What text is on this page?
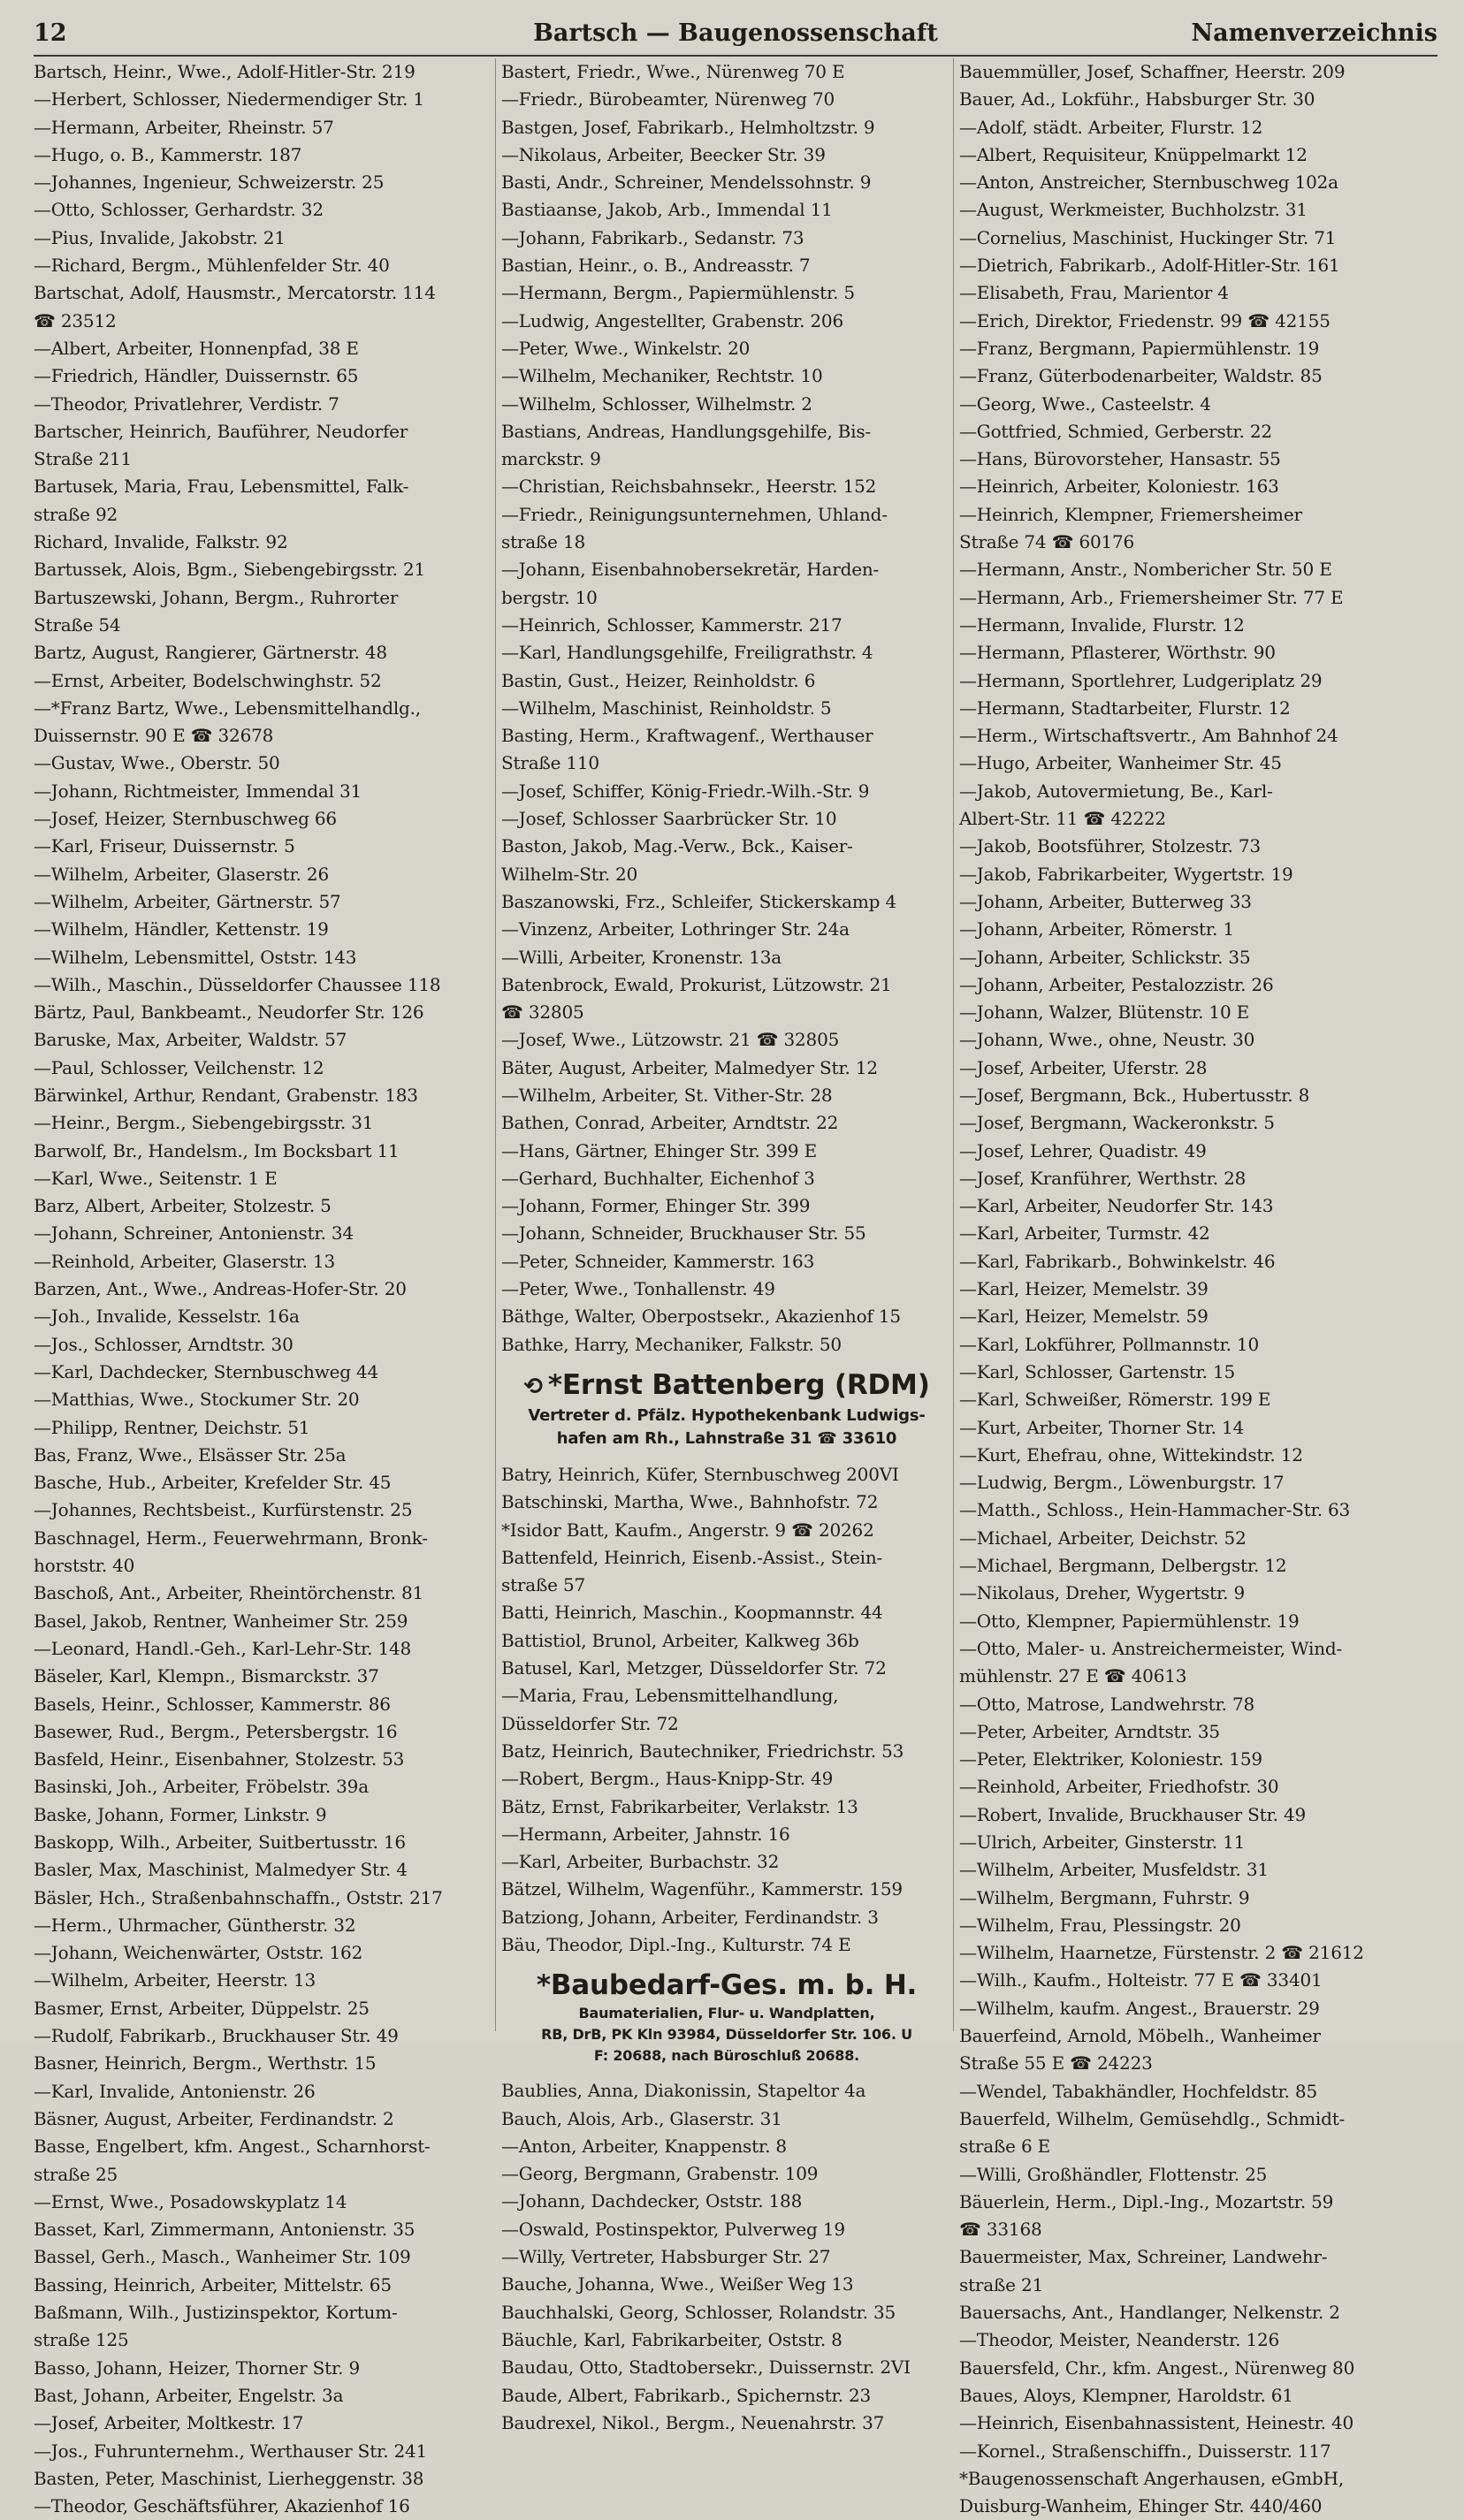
12	Bartsch — Baugenossenschaft	Namenverzeichnis
Bartsch, Heinr., Wwe., Adolf-Hitler-Str. 219
—Herbert, Schlosser, Niedermendiger Str. 1
—Hermann, Arbeiter, Rheinstr. 57
—Hugo, o. B., Kammerstr. 187
—Johannes, Ingenieur, Schweizerstr. 25
—Otto, Schlosser, Gerhardstr. 32
—Pius, Invalide, Jakobstr. 21
—Richard, Bergm., Mühlenfelder Str. 40
Bartschat, Adolf, Hausmstr., Mercatorstr. 114
☎ 23512
—Albert, Arbeiter, Honnenpfad, 38 E
—Friedrich, Händler, Duissernstr. 65
—Theodor, Privatlehrer, Verdistr. 7
Bartscher, Heinrich, Bauführer, Neudorfer
Straße 211
Bartusek, Maria, Frau, Lebensmittel, Falk-
straße 92
Richard, Invalide, Falkstr. 92
Bartussek, Alois, Bgm., Siebengebirgsstr. 21
Bartuszewski, Johann, Bergm., Ruhrorter
Straße 54
Bartz, August, Rangierer, Gärtnerstr. 48
—Ernst, Arbeiter, Bodelschwinghstr. 52
—*Franz Bartz, Wwe., Lebensmittelhandlg.,
Duissernstr. 90 E ☎ 32678
—Gustav, Wwe., Oberstr. 50
—Johann, Richtmeister, Immendal 31
—Josef, Heizer, Sternbuschweg 66
—Karl, Friseur, Duissernstr. 5
—Wilhelm, Arbeiter, Glaserstr. 26
—Wilhelm, Arbeiter, Gärtnerstr. 57
—Wilhelm, Händler, Kettenstr. 19
—Wilhelm, Lebensmittel, Oststr. 143
—Wilh., Maschin., Düsseldorfer Chaussee 118
Bärtz, Paul, Bankbeamt., Neudorfer Str. 126
Baruske, Max, Arbeiter, Waldstr. 57
—Paul, Schlosser, Veilchenstr. 12
Bärwinkel, Arthur, Rendant, Grabenstr. 183
—Heinr., Bergm., Siebengebirgsstr. 31
Barwolf, Br., Handelsm., Im Bocksbart 11
—Karl, Wwe., Seitenstr. 1 E
Barz, Albert, Arbeiter, Stolzestr. 5
—Johann, Schreiner, Antonienstr. 34
—Reinhold, Arbeiter, Glaserstr. 13
Barzen, Ant., Wwe., Andreas-Hofer-Str. 20
—Joh., Invalide, Kesselstr. 16a
—Jos., Schlosser, Arndtstr. 30
—Karl, Dachdecker, Sternbuschweg 44
—Matthias, Wwe., Stockumer Str. 20
—Philipp, Rentner, Deichstr. 51
Bas, Franz, Wwe., Elsässer Str. 25a
Basche, Hub., Arbeiter, Krefelder Str. 45
—Johannes, Rechtsbeist., Kurfürstenstr. 25
Baschnagel, Herm., Feuerwehrmann, Bronk-
horststr. 40
Baschoß, Ant., Arbeiter, Rheintörchenstr. 81
Basel, Jakob, Rentner, Wanheimer Str. 259
—Leonard, Handl.-Geh., Karl-Lehr-Str. 148
Bäseler, Karl, Klempn., Bismarckstr. 37
Basels, Heinr., Schlosser, Kammerstr. 86
Basewer, Rud., Bergm., Petersbergstr. 16
Basfeld, Heinr., Eisenbahner, Stolzestr. 53
Basinski, Joh., Arbeiter, Fröbelstr. 39a
Baske, Johann, Former, Linkstr. 9
Baskopp, Wilh., Arbeiter, Suitbertusstr. 16
Basler, Max, Maschinist, Malmedyer Str. 4
Bäsler, Hch., Straßenbahnschaffn., Oststr. 217
—Herm., Uhrmacher, Güntherstr. 32
—Johann, Weichenwärter, Oststr. 162
—Wilhelm, Arbeiter, Heerstr. 13
Basmer, Ernst, Arbeiter, Düppelstr. 25
—Rudolf, Fabrikarb., Bruckhauser Str. 49
Basner, Heinrich, Bergm., Werthstr. 15
—Karl, Invalide, Antonienstr. 26
Bäsner, August, Arbeiter, Ferdinandstr. 2
Basse, Engelbert, kfm. Angest., Scharnhorst-
straße 25
—Ernst, Wwe., Posadowskyplatz 14
Basset, Karl, Zimmermann, Antonienstr. 35
Bassel, Gerh., Masch., Wanheimer Str. 109
Bassing, Heinrich, Arbeiter, Mittelstr. 65
Baßmann, Wilh., Justizinspektor, Kortum-
straße 125
Basso, Johann, Heizer, Thorner Str. 9
Bast, Johann, Arbeiter, Engelstr. 3a
—Josef, Arbeiter, Moltkestr. 17
—Jos., Fuhrunternehm., Werthauser Str. 241
Basten, Peter, Maschinist, Lierheggenstr. 38
—Theodor, Geschäftsführer, Akazienhof 16
Bastert, Friedr., Wwe., Nürenweg 70 E
—Friedr., Bürobeamter, Nürenweg 70
Bastgen, Josef, Fabrikarb., Helmholtzstr. 9
—Nikolaus, Arbeiter, Beecker Str. 39
Basti, Andr., Schreiner, Mendelssohnstr. 9
Bastiaanse, Jakob, Arb., Immendal 11
—Johann, Fabrikarb., Sedanstr. 73
Bastian, Heinr., o. B., Andreasstr. 7
—Hermann, Bergm., Papiermühlenstr. 5
—Ludwig, Angestellter, Grabenstr. 206
—Peter, Wwe., Winkelstr. 20
—Wilhelm, Mechaniker, Rechtstr. 10
—Wilhelm, Schlosser, Wilhelmstr. 2
Bastians, Andreas, Handlungsgehilfe, Bis-
marckstr. 9
—Christian, Reichsbahnsekr., Heerstr. 152
—Friedr., Reinigungsunternehmen, Uhland-
straße 18
—Johann, Eisenbahnobersekretär, Harden-
bergstr. 10
—Heinrich, Schlosser, Kammerstr. 217
—Karl, Handlungsgehilfe, Freiligrathstr. 4
Bastin, Gust., Heizer, Reinholdstr. 6
—Wilhelm, Maschinist, Reinholdstr. 5
Basting, Herm., Kraftwagenf., Werthauser
Straße 110
—Josef, Schiffer, König-Friedr.-Wilh.-Str. 9
—Josef, Schlosser Saarbrücker Str. 10
Baston, Jakob, Mag.-Verw., Bck., Kaiser-
Wilhelm-Str. 20
Baszanowski, Frz., Schleifer, Stickerskamp 4
—Vinzenz, Arbeiter, Lothringer Str. 24a
—Willi, Arbeiter, Kronenstr. 13a
Batenbrock, Ewald, Prokurist, Lützowstr. 21
☎ 32805
—Josef, Wwe., Lützowstr. 21 ☎ 32805
Bäter, August, Arbeiter, Malmedyer Str. 12
—Wilhelm, Arbeiter, St. Vither-Str. 28
Bathen, Conrad, Arbeiter, Arndtstr. 22
—Hans, Gärtner, Ehinger Str. 399 E
—Gerhard, Buchhalter, Eichenhof 3
—Johann, Former, Ehinger Str. 399
—Johann, Schneider, Bruckhauser Str. 55
—Peter, Schneider, Kammerstr. 163
—Peter, Wwe., Tonhallenstr. 49
Bäthge, Walter, Oberpostsekr., Akazienhof 15
Bathke, Harry, Mechaniker, Falkstr. 50
⟲ *Ernst Battenberg (RDM)
Vertreter d. Pfälz. Hypothekenbank Ludwigs-
hafen am Rh., Lahnstraße 31 ☎ 33610
Batry, Heinrich, Küfer, Sternbuschweg 200VI
Batschinski, Martha, Wwe., Bahnhofstr. 72
*Isidor Batt, Kaufm., Angerstr. 9 ☎ 20262
Battenfeld, Heinrich, Eisenb.-Assist., Stein-
straße 57
Batti, Heinrich, Maschin., Koopmannstr. 44
Battistiol, Brunol, Arbeiter, Kalkweg 36b
Batusel, Karl, Metzger, Düsseldorfer Str. 72
—Maria, Frau, Lebensmittelhandlung,
Düsseldorfer Str. 72
Batz, Heinrich, Bautechniker, Friedrichstr. 53
—Robert, Bergm., Haus-Knipp-Str. 49
Bätz, Ernst, Fabrikarbeiter, Verlakstr. 13
—Hermann, Arbeiter, Jahnstr. 16
—Karl, Arbeiter, Burbachstr. 32
Bätzel, Wilhelm, Wagenführ., Kammerstr. 159
Batziong, Johann, Arbeiter, Ferdinandstr. 3
Bäu, Theodor, Dipl.-Ing., Kulturstr. 74 E
*Baubedarf-Ges. m. b. H.
Baumaterialien, Flur- u. Wandplatten,
RB, DrB, PK Kln 93984, Düsseldorfer Str. 106. U
F: 20688, nach Büroschluß 20688.
Baublies, Anna, Diakonissin, Stapeltor 4a
Bauch, Alois, Arb., Glaserstr. 31
—Anton, Arbeiter, Knappenstr. 8
—Georg, Bergmann, Grabenstr. 109
—Johann, Dachdecker, Oststr. 188
—Oswald, Postinspektor, Pulverweg 19
—Willy, Vertreter, Habsburger Str. 27
Bauche, Johanna, Wwe., Weißer Weg 13
Bauchhalski, Georg, Schlosser, Rolandstr. 35
Bäuchle, Karl, Fabrikarbeiter, Oststr. 8
Baudau, Otto, Stadtobersekr., Duissernstr. 2VI
Baude, Albert, Fabrikarb., Spichernstr. 23
Baudrexel, Nikol., Bergm., Neuenahrstr. 37
Bauemmüller, Josef, Schaffner, Heerstr. 209
Bauer, Ad., Lokführ., Habsburger Str. 30
—Adolf, städt. Arbeiter, Flurstr. 12
—Albert, Requisiteur, Knüppelmarkt 12
—Anton, Anstreicher, Sternbuschweg 102a
—August, Werkmeister, Buchholzstr. 31
—Cornelius, Maschinist, Huckinger Str. 71
—Dietrich, Fabrikarb., Adolf-Hitler-Str. 161
—Elisabeth, Frau, Marientor 4
—Erich, Direktor, Friedenstr. 99 ☎ 42155
—Franz, Bergmann, Papiermühlenstr. 19
—Franz, Güterbodenarbeiter, Waldstr. 85
—Georg, Wwe., Casteelstr. 4
—Gottfried, Schmied, Gerberstr. 22
—Hans, Bürovorsteher, Hansastr. 55
—Heinrich, Arbeiter, Koloniestr. 163
—Heinrich, Klempner, Friemersheimer
Straße 74 ☎ 60176
—Hermann, Anstr., Nomberіcher Str. 50 E
—Hermann, Arb., Friemersheimer Str. 77 E
—Hermann, Invalide, Flurstr. 12
—Hermann, Pflasterer, Wörthstr. 90
—Hermann, Sportlehrer, Ludgeriplatz 29
—Hermann, Stadtarbeiter, Flurstr. 12
—Herm., Wirtschaftsvertr., Am Bahnhof 24
—Hugo, Arbeiter, Wanheimer Str. 45
—Jakob, Autovermietung, Be., Karl-
Albert-Str. 11 ☎ 42222
—Jakob, Bootsführer, Stolzestr. 73
—Jakob, Fabrikarbeiter, Wygertstr. 19
—Johann, Arbeiter, Butterweg 33
—Johann, Arbeiter, Römerstr. 1
—Johann, Arbeiter, Schlickstr. 35
—Johann, Arbeiter, Pestalozzistr. 26
—Johann, Walzer, Blütenstr. 10 E
—Johann, Wwe., ohne, Neustr. 30
—Josef, Arbeiter, Uferstr. 28
—Josef, Bergmann, Bck., Hubertusstr. 8
—Josef, Bergmann, Wackeronkstr. 5
—Josef, Lehrer, Quadistr. 49
—Josef, Kranführer, Werthstr. 28
—Karl, Arbeiter, Neudorfer Str. 143
—Karl, Arbeiter, Turmstr. 42
—Karl, Fabrikarb., Bohwinkelstr. 46
—Karl, Heizer, Memelstr. 39
—Karl, Heizer, Memelstr. 59
—Karl, Lokführer, Pollmannstr. 10
—Karl, Schlosser, Gartenstr. 15
—Karl, Schweißer, Römerstr. 199 E
—Kurt, Arbeiter, Thorner Str. 14
—Kurt, Ehefrau, ohne, Wittekindstr. 12
—Ludwig, Bergm., Löwenburgstr. 17
—Matth., Schloss., Hein-Hammacher-Str. 63
—Michael, Arbeiter, Deichstr. 52
—Michael, Bergmann, Delbergstr. 12
—Nikolaus, Dreher, Wygertstr. 9
—Otto, Klempner, Papiermühlenstr. 19
—Otto, Maler- u. Anstreichermeister, Wind-
mühlenstr. 27 E ☎ 40613
—Otto, Matrose, Landwehrstr. 78
—Peter, Arbeiter, Arndtstr. 35
—Peter, Elektriker, Koloniestr. 159
—Reinhold, Arbeiter, Friedhofstr. 30
—Robert, Invalide, Bruckhauser Str. 49
—Ulrich, Arbeiter, Ginsterstr. 11
—Wilhelm, Arbeiter, Musfeldstr. 31
—Wilhelm, Bergmann, Fuhrstr. 9
—Wilhelm, Frau, Plessingstr. 20
—Wilhelm, Haarnetze, Fürstenstr. 2 ☎ 21612
—Wilh., Kaufm., Holteistr. 77 E ☎ 33401
—Wilhelm, kaufm. Angest., Brauerstr. 29
Bauerfeind, Arnold, Möbelh., Wanheimer
Straße 55 E ☎ 24223
—Wendel, Tabakhändler, Hochfeldstr. 85
Bauerfeld, Wilhelm, Gemüsehdlg., Schmidt-
straße 6 E
—Willi, Großhändler, Flottenstr. 25
Bäuerlein, Herm., Dipl.-Ing., Mozartstr. 59
☎ 33168
Bauermeister, Max, Schreiner, Landwehr-
straße 21
Bauersachs, Ant., Handlanger, Nelkenstr. 2
—Theodor, Meister, Neanderstr. 126
Bauersfeld, Chr., kfm. Angest., Nürenweg 80
Baues, Aloys, Klempner, Haroldstr. 61
—Heinrich, Eisenbahnassistent, Heinestr. 40
—Kornel., Straßenschiffn., Duisserstr. 117
*Baugenossenschaft Angerhausen, eGmbH,
Duisburg-Wanheim, Ehinger Str. 440/460
